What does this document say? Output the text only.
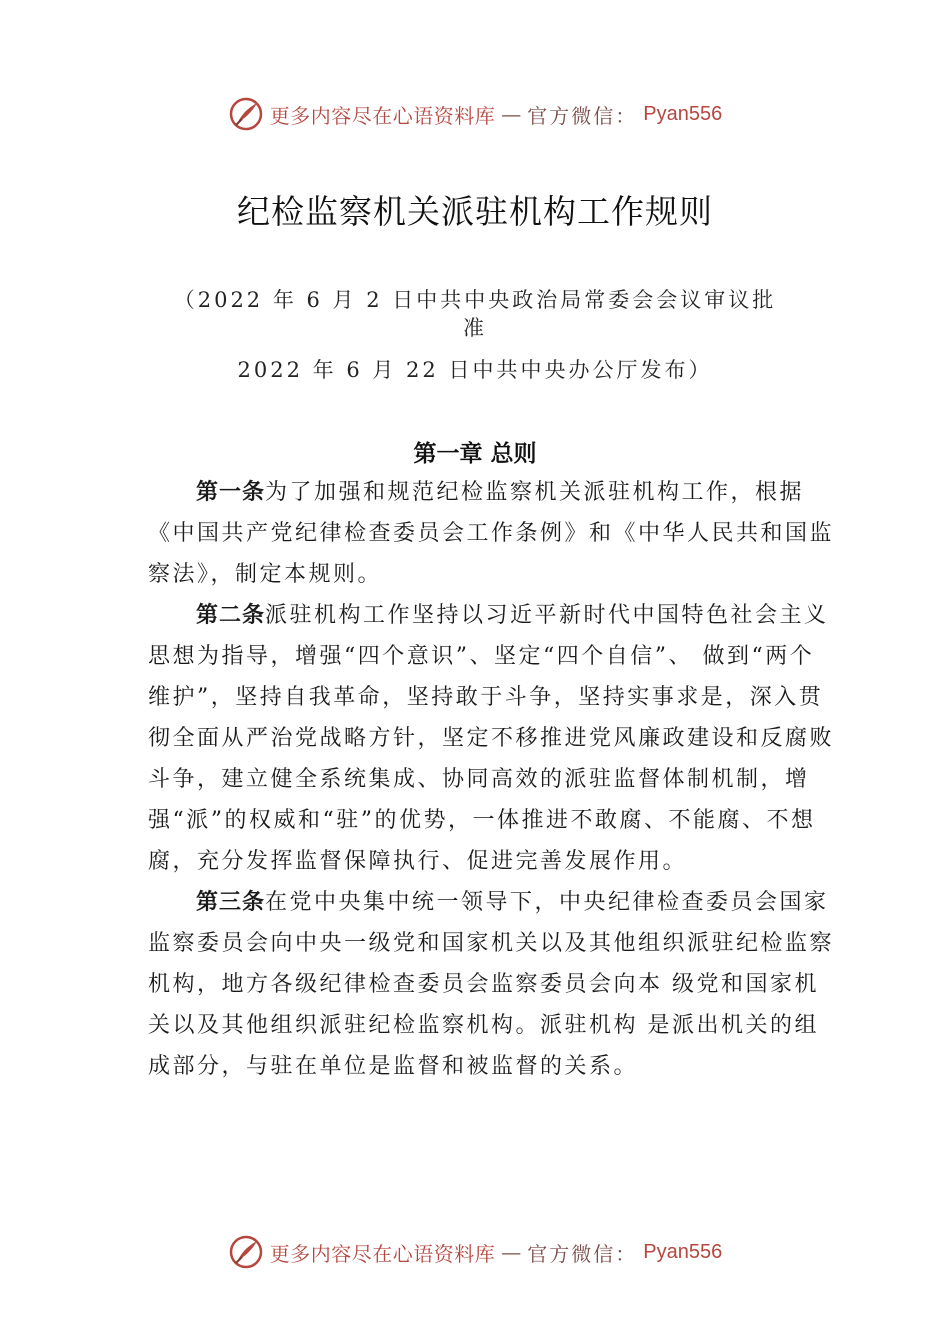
更多内容尽在心语资料库 — 官方微信： Pyan556
纪检监察机关派驻机构工作规则
（2022 年 6 月 2 日中共中央政治局常委会会议审议批
准
2022 年 6 月 22 日中共中央办公厅发布）
第一章 总则

第一条为了加强和规范纪检监察机关派驻机构工作，根据《中国共产党纪律检查委员会工作条例》和《中华人民共和国监察法》，制定本规则。

第二条派驻机构工作坚持以习近平新时代中国特色社会主义思想为指导，增强“四个意识”、坚定“四个自信”、 做到“两个维护”，坚持自我革命，坚持敢于斗争，坚持实事求是，深入贯彻全面从严治党战略方针，坚定不移推进党风廉政建设和反腐败斗争，建立健全系统集成、协同高效的派驻监督体制机制，增强“派”的权威和“驻”的优势，一体推进不敢腐、不能腐、不想腐，充分发挥监督保障执行、促进完善发展作用。

第三条在党中央集中统一领导下，中央纪律检查委员会国家监察委员会向中央一级党和国家机关以及其他组织派驻纪检监察机构，地方各级纪律检查委员会监察委员会向本 级党和国家机关以及其他组织派驻纪检监察机构。派驻机构 是派出机关的组成部分，与驻在单位是监督和被监督的关系。

更多内容尽在心语资料库 — 官方微信： Pyan556
